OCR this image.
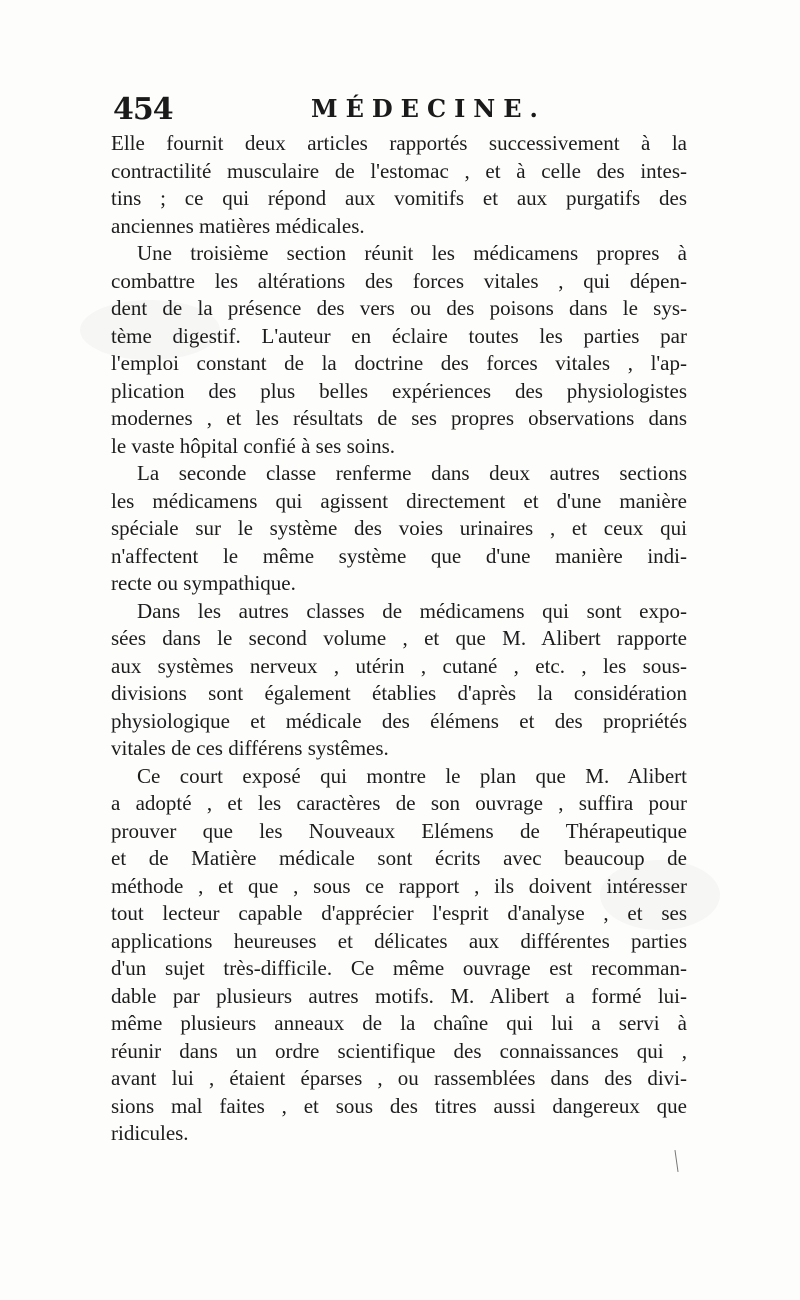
454	MÉDECINE.
Elle fournit deux articles rapportés successivement à la
contractilité musculaire de l'estomac , et à celle des intes-
tins ; ce qui répond aux vomitifs et aux purgatifs des
anciennes matières médicales.
Une troisième section réunit les médicamens propres à
combattre les altérations des forces vitales , qui dépen-
dent de la présence des vers ou des poisons dans le sys-
tème digestif. L'auteur en éclaire toutes les parties par
l'emploi constant de la doctrine des forces vitales , l'ap-
plication des plus belles expériences des physiologistes
modernes , et les résultats de ses propres observations dans
le vaste hôpital confié à ses soins.
La seconde classe renferme dans deux autres sections
les médicamens qui agissent directement et d'une manière
spéciale sur le système des voies urinaires , et ceux qui
n'affectent le même système que d'une manière indi-
recte ou sympathique.
Dans les autres classes de médicamens qui sont expo-
sées dans le second volume , et que M. Alibert rapporte
aux systèmes nerveux , utérin , cutané , etc. , les sous-
divisions sont également établies d'après la considération
physiologique et médicale des élémens et des propriétés
vitales de ces différens systêmes.
Ce court exposé qui montre le plan que M. Alibert
a adopté , et les caractères de son ouvrage , suffira pour
prouver que les Nouveaux Elémens de Thérapeutique
et de Matière médicale sont écrits avec beaucoup de
méthode , et que , sous ce rapport , ils doivent intéresser
tout lecteur capable d'apprécier l'esprit d'analyse , et ses
applications heureuses et délicates aux différentes parties
d'un sujet très-difficile. Ce même ouvrage est recomman-
dable par plusieurs autres motifs. M. Alibert a formé lui-
même plusieurs anneaux de la chaîne qui lui a servi à
réunir dans un ordre scientifique des connaissances qui ,
avant lui , étaient éparses , ou rassemblées dans des divi-
sions mal faites , et sous des titres aussi dangereux que
ridicules.
